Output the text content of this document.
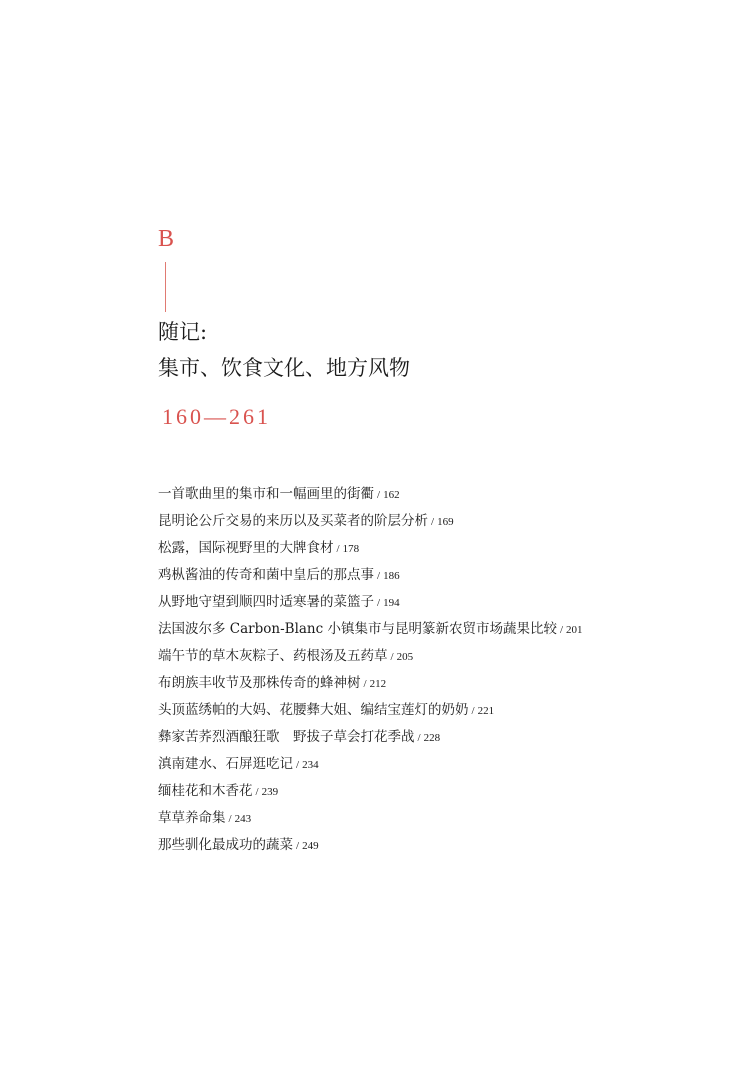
B
随记:
集市、饮食文化、地方风物
160—261
一首歌曲里的集市和一幅画里的街衢 / 162
昆明论公斤交易的来历以及买菜者的阶层分析 / 169
松露，国际视野里的大牌食材 / 178
鸡枞酱油的传奇和菌中皇后的那点事 / 186
从野地守望到顺四时适寒暑的菜篮子 / 194
法国波尔多 Carbon-Blanc 小镇集市与昆明篆新农贸市场蔬果比较 / 201
端午节的草木灰粽子、药根汤及五药草 / 205
布朗族丰收节及那株传奇的蜂神树 / 212
头顶蓝绣帕的大妈、花腰彝大姐、编结宝莲灯的奶奶 / 221
彝家苦荞烈酒酿狂歌　野拔子草会打花季战 / 228
滇南建水、石屏逛吃记 / 234
缅桂花和木香花 / 239
草草养命集 / 243
那些驯化最成功的蔬菜 / 249
